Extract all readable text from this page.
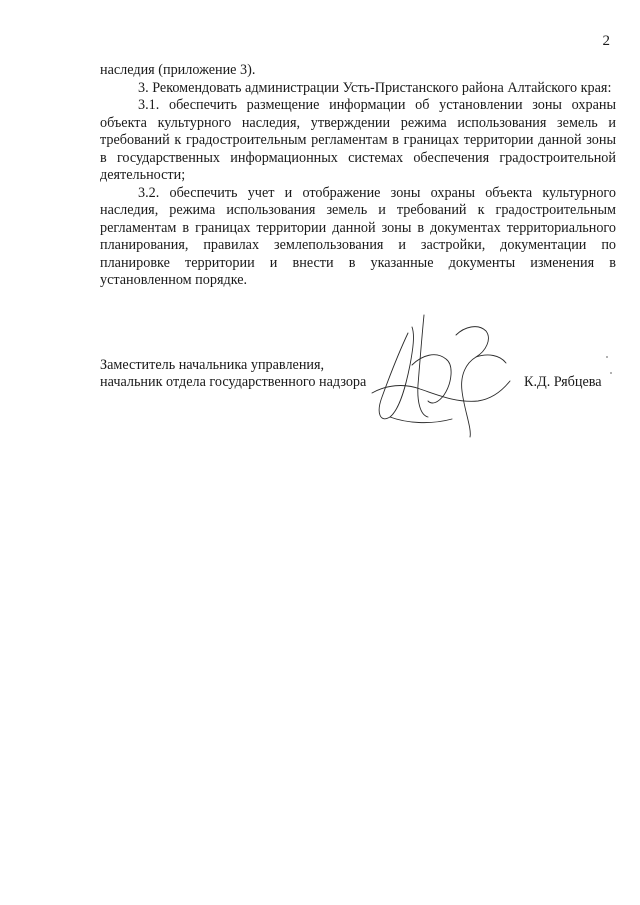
2

наследия (приложение 3).

3. Рекомендовать администрации Усть-Пристанского района Алтайского края:

3.1. обеспечить размещение информации об установлении зоны охраны объекта культурного наследия, утверждении режима использования земель и требований к градостроительным регламентам в границах территории данной зоны в государственных информационных системах обеспечения градостроительной деятельности;

3.2. обеспечить учет и отображение зоны охраны объекта культурного наследия, режима использования земель и требований к градостроительным регламентам в границах территории данной зоны в документах территориального планирования, правилах землепользования и застройки, документации по планировке территории и внести в указанные документы изменения в установленном порядке.

Заместитель начальника управления,
начальник отдела государственного надзора	К.Д. Рябцева
